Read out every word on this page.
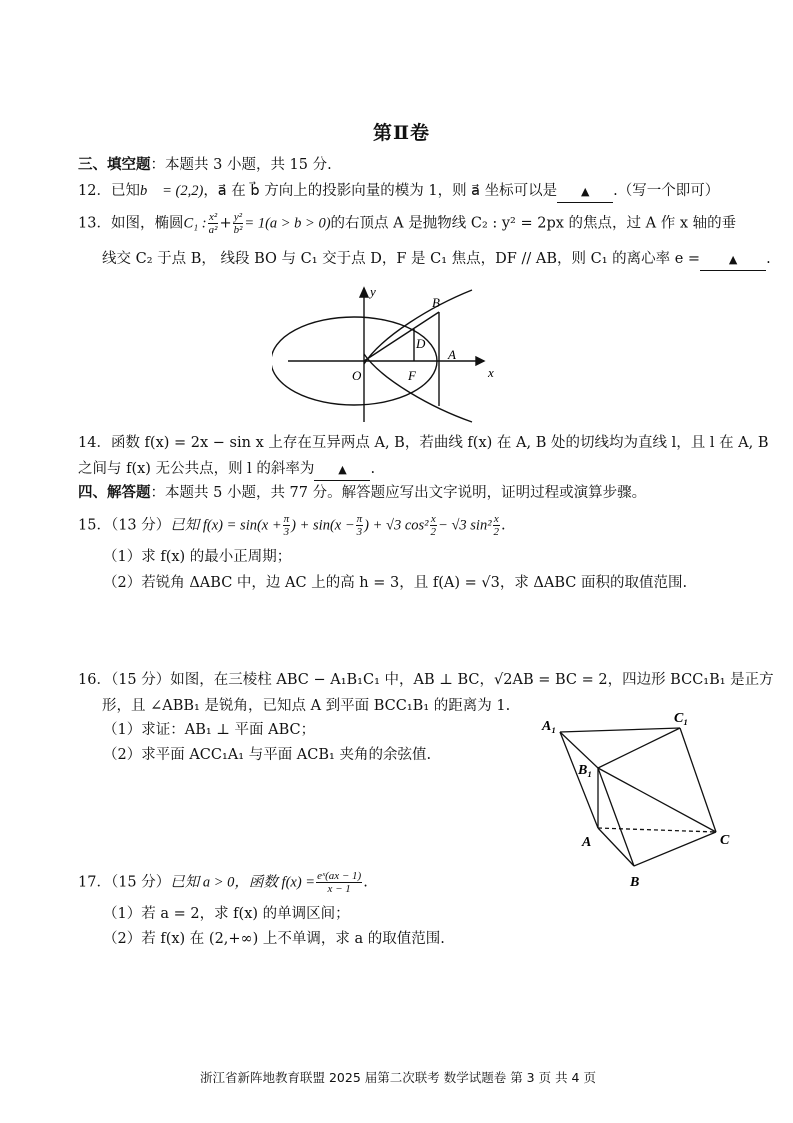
第Ⅱ卷
三、填空题：本题共 3 小题，共 15 分.
12．已知b⃗ = (2,2)，a⃗ 在 b⃗ 方向上的投影向量的模为 1，则 a⃗ 坐标可以是 ▲ .（写一个即可）
13．如图，椭圆C₁ : $\frac{\text{x²}}{\text{a²}} + \frac{\text{y²}}{\text{b²}} = 1(a > b > 0)$的右顶点 A 是抛物线 C₂ : y² = 2px 的焦点，过 A 作 x 轴的垂
线交 C₂ 于点 B， 线段 BO 与 C₁ 交于点 D，F 是 C₁ 焦点，DF // AB，则 C₁ 的离心率 e =	▲ .
y
x
O	F
A
B
D
14．函数 f(x) = 2x − sin x 上存在互异两点 A, B，若曲线 f(x) 在 A, B 处的切线均为直线 l，且 l 在 A, B
之间与 f(x) 无公共点，则 l 的斜率为 ▲ .
四、解答题：本题共 5 小题，共 77 分。解答题应写出文字说明，证明过程或演算步骤。
15．（13 分）已知 $f(x) = \sin(x + \frac{\pi}{3}$ ) + $\sin(x - \frac{\pi}{3}$ ) + √3 $\cos^2 \frac{x}{2} - √3$ $\sin^2 \frac{x}{2}$ .
（1）求 f(x) 的最小正周期；
（2）若锐角 ΔABC 中，边 AC 上的高 h = 3，且 f(A) = √3，求 ΔABC 面积的取值范围.
16．（15 分）如图，在三棱柱 ABC − A₁B₁C₁ 中，AB ⊥ BC，√2AB = BC = 2，四边形 BCC₁B₁ 是正方
形，且 ∠ABB₁ 是锐角，已知点 A 到平面 BCC₁B₁ 的距离为 1.
（1）求证：AB₁ ⊥ 平面 ABC；
（2）求平面 ACC₁A₁ 与平面 ACB₁ 夹角的余弦值.
A₁
C₁
B₁
A
B
C
17．（15 分）已知 a > 0，函数 $f(x) = \frac{\text{eˣ(ax − 1)}}{x - 1}$ .
（1）若 a = 2，求 f(x) 的单调区间；
（2）若 f(x) 在 (2,+∞) 上不单调，求 a 的取值范围.
浙江省新阵地教育联盟 2025 届第二次联考 数学试题卷 第 3 页 共 4 页
